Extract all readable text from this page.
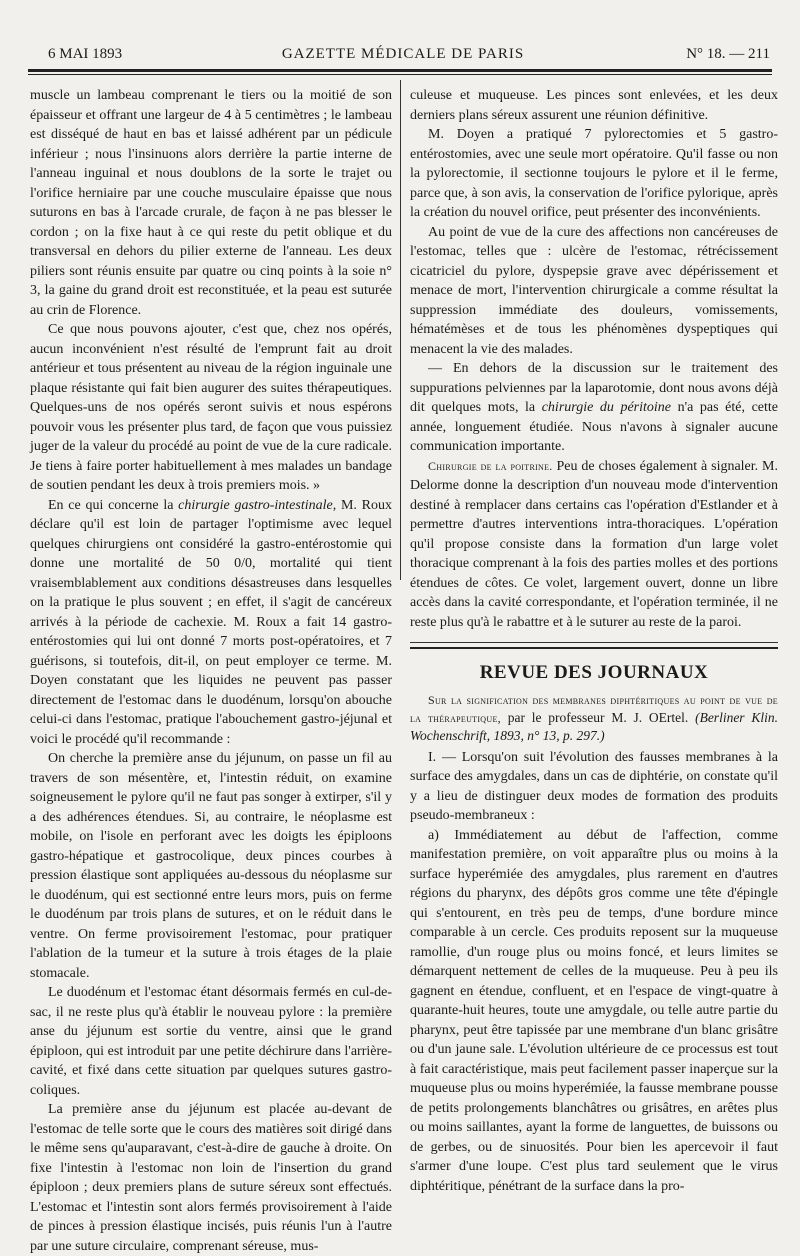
6 MAI 1893	GAZETTE MÉDICALE DE PARIS	N° 18. — 211

muscle un lambeau comprenant le tiers ou la moitié de son épaisseur et offrant une largeur de 4 à 5 centimètres ; le lambeau est disséqué de haut en bas et laissé adhérent par un pédicule inférieur ; nous l'insinuons alors derrière la partie interne de l'anneau inguinal et nous doublons de la sorte le trajet ou l'orifice herniaire par une couche musculaire épaisse que nous suturons en bas à l'arcade crurale, de façon à ne pas blesser le cordon ; on la fixe haut à ce qui reste du petit oblique et du transversal en dehors du pilier externe de l'anneau. Les deux piliers sont réunis ensuite par quatre ou cinq points à la soie n° 3, la gaine du grand droit est reconstituée, et la peau est suturée au crin de Florence.

Ce que nous pouvons ajouter, c'est que, chez nos opérés, aucun inconvénient n'est résulté de l'emprunt fait au droit antérieur et tous présentent au niveau de la région inguinale une plaque résistante qui fait bien augurer des suites thérapeutiques. Quelques-uns de nos opérés seront suivis et nous espérons pouvoir vous les présenter plus tard, de façon que vous puissiez juger de la valeur du procédé au point de vue de la cure radicale. Je tiens à faire porter habituellement à mes malades un bandage de soutien pendant les deux à trois premiers mois. »

En ce qui concerne la chirurgie gastro-intestinale, M. Roux déclare qu'il est loin de partager l'optimisme avec lequel quelques chirurgiens ont considéré la gastro-entérostomie qui donne une mortalité de 50 0/0, mortalité qui tient vraisemblablement aux conditions désastreuses dans lesquelles on la pratique le plus souvent ; en effet, il s'agit de cancéreux arrivés à la période de cachexie. M. Roux a fait 14 gastro-entérostomies qui lui ont donné 7 morts post-opératoires, et 7 guérisons, si toutefois, dit-il, on peut employer ce terme. M. Doyen constatant que les liquides ne peuvent pas passer directement de l'estomac dans le duodénum, lorsqu'on abouche celui-ci dans l'estomac, pratique l'abouchement gastro-jéjunal et voici le procédé qu'il recommande :

On cherche la première anse du jéjunum, on passe un fil au travers de son mésentère, et, l'intestin réduit, on examine soigneusement le pylore qu'il ne faut pas songer à extirper, s'il y a des adhérences étendues. Si, au contraire, le néoplasme est mobile, on l'isole en perforant avec les doigts les épiploons gastro-hépatique et gastrocolique, deux pinces courbes à pression élastique sont appliquées au-dessous du néoplasme sur le duodénum, qui est sectionné entre leurs mors, puis on ferme le duodénum par trois plans de sutures, et on le réduit dans le ventre. On ferme provisoirement l'estomac, pour pratiquer l'ablation de la tumeur et la suture à trois étages de la plaie stomacale.

Le duodénum et l'estomac étant désormais fermés en cul-de-sac, il ne reste plus qu'à établir le nouveau pylore : la première anse du jéjunum est sortie du ventre, ainsi que le grand épiploon, qui est introduit par une petite déchirure dans l'arrière-cavité, et fixé dans cette situation par quelques sutures gastro-coliques.

La première anse du jéjunum est placée au-devant de l'estomac de telle sorte que le cours des matières soit dirigé dans le même sens qu'auparavant, c'est-à-dire de gauche à droite. On fixe l'intestin à l'estomac non loin de l'insertion du grand épiploon ; deux premiers plans de suture séreux sont effectués. L'estomac et l'intestin sont alors fermés provisoirement à l'aide de pinces à pression élastique incisés, puis réunis l'un à l'autre par une suture circulaire, comprenant séreuse, mus-

culeuse et muqueuse. Les pinces sont enlevées, et les deux derniers plans séreux assurent une réunion définitive.

M. Doyen a pratiqué 7 pylorectomies et 5 gastro-entérostomies, avec une seule mort opératoire. Qu'il fasse ou non la pylorectomie, il sectionne toujours le pylore et il le ferme, parce que, à son avis, la conservation de l'orifice pylorique, après la création du nouvel orifice, peut présenter des inconvénients.

Au point de vue de la cure des affections non cancéreuses de l'estomac, telles que : ulcère de l'estomac, rétrécissement cicatriciel du pylore, dyspepsie grave avec dépérissement et menace de mort, l'intervention chirurgicale a comme résultat la suppression immédiate des douleurs, vomissements, hématémèses et de tous les phénomènes dyspeptiques qui menacent la vie des malades.

— En dehors de la discussion sur le traitement des suppurations pelviennes par la laparotomie, dont nous avons déjà dit quelques mots, la chirurgie du péritoine n'a pas été, cette année, longuement étudiée. Nous n'avons à signaler aucune communication importante.

Chirurgie de la poitrine. Peu de choses également à signaler. M. Delorme donne la description d'un nouveau mode d'intervention destiné à remplacer dans certains cas l'opération d'Estlander et à permettre d'autres interventions intra-thoraciques. L'opération qu'il propose consiste dans la formation d'un large volet thoracique comprenant à la fois des parties molles et des portions étendues de côtes. Ce volet, largement ouvert, donne un libre accès dans la cavité correspondante, et l'opération terminée, il ne reste plus qu'à le rabattre et à le suturer au reste de la paroi.

REVUE DES JOURNAUX

Sur la signification des membranes diphtéritiques au point de vue de la thérapeutique, par le professeur M. J. OErtel. (Berliner Klin. Wochenschrift, 1893, n° 13, p. 297.)

I. — Lorsqu'on suit l'évolution des fausses membranes à la surface des amygdales, dans un cas de diphtérie, on constate qu'il y a lieu de distinguer deux modes de formation des produits pseudo-membraneux :

a) Immédiatement au début de l'affection, comme manifestation première, on voit apparaître plus ou moins à la surface hyperémiée des amygdales, plus rarement en d'autres régions du pharynx, des dépôts gros comme une tête d'épingle qui s'entourent, en très peu de temps, d'une bordure mince comparable à un cercle. Ces produits reposent sur la muqueuse ramollie, d'un rouge plus ou moins foncé, et leurs limites se démarquent nettement de celles de la muqueuse. Peu à peu ils gagnent en étendue, confluent, et en l'espace de vingt-quatre à quarante-huit heures, toute une amygdale, ou telle autre partie du pharynx, peut être tapissée par une membrane d'un blanc grisâtre ou d'un jaune sale. L'évolution ultérieure de ce processus est tout à fait caractéristique, mais peut facilement passer inaperçue sur la muqueuse plus ou moins hyperémiée, la fausse membrane pousse de petits prolongements blanchâtres ou grisâtres, en arêtes plus ou moins saillantes, ayant la forme de languettes, de buissons ou de gerbes, ou de sinuosités. Pour bien les apercevoir il faut s'armer d'une loupe. C'est plus tard seulement que le virus diphtéritique, pénétrant de la surface dans la pro-
